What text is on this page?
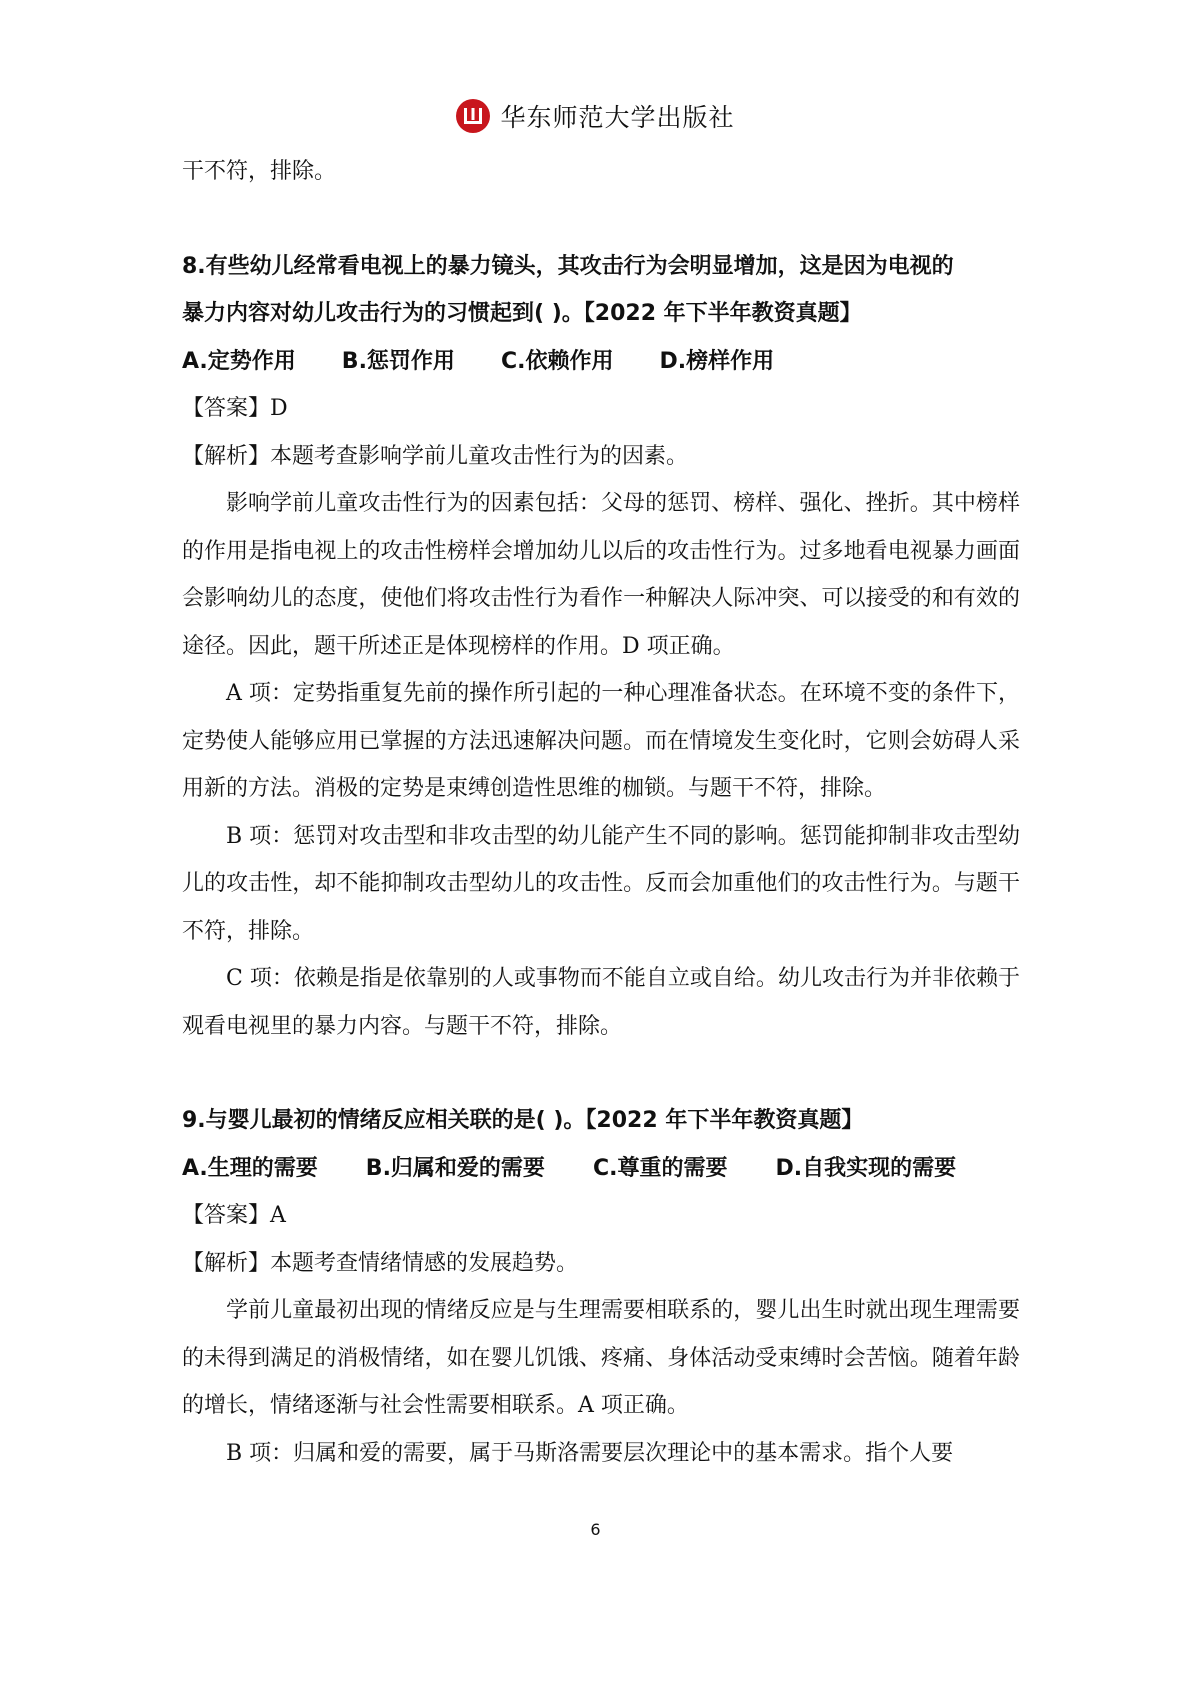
华东师范大学出版社

干不符，排除。

8.有些幼儿经常看电视上的暴力镜头，其攻击行为会明显增加，这是因为电视的

暴力内容对幼儿攻击行为的习惯起到( )。【2022 年下半年教资真题】

A.定势作用 B.惩罚作用 C.依赖作用 D.榜样作用

【答案】D

【解析】本题考查影响学前儿童攻击性行为的因素。

影响学前儿童攻击性行为的因素包括：父母的惩罚、榜样、强化、挫折。其中榜样的作用是指电视上的攻击性榜样会增加幼儿以后的攻击性行为。过多地看电视暴力画面会影响幼儿的态度，使他们将攻击性行为看作一种解决人际冲突、可以接受的和有效的途径。因此，题干所述正是体现榜样的作用。D 项正确。

A 项：定势指重复先前的操作所引起的一种心理准备状态。在环境不变的条件下，定势使人能够应用已掌握的方法迅速解决问题。而在情境发生变化时，它则会妨碍人采用新的方法。消极的定势是束缚创造性思维的枷锁。与题干不符，排除。

B 项：惩罚对攻击型和非攻击型的幼儿能产生不同的影响。惩罚能抑制非攻击型幼儿的攻击性，却不能抑制攻击型幼儿的攻击性。反而会加重他们的攻击性行为。与题干不符，排除。

C 项：依赖是指是依靠别的人或事物而不能自立或自给。幼儿攻击行为并非依赖于观看电视里的暴力内容。与题干不符，排除。

9.与婴儿最初的情绪反应相关联的是( )。【2022 年下半年教资真题】

A.生理的需要 B.归属和爱的需要 C.尊重的需要 D.自我实现的需要

【答案】A

【解析】本题考查情绪情感的发展趋势。

学前儿童最初出现的情绪反应是与生理需要相联系的，婴儿出生时就出现生理需要的未得到满足的消极情绪，如在婴儿饥饿、疼痛、身体活动受束缚时会苦恼。随着年龄的增长，情绪逐渐与社会性需要相联系。A 项正确。

B 项：归属和爱的需要，属于马斯洛需要层次理论中的基本需求。指个人要

6
